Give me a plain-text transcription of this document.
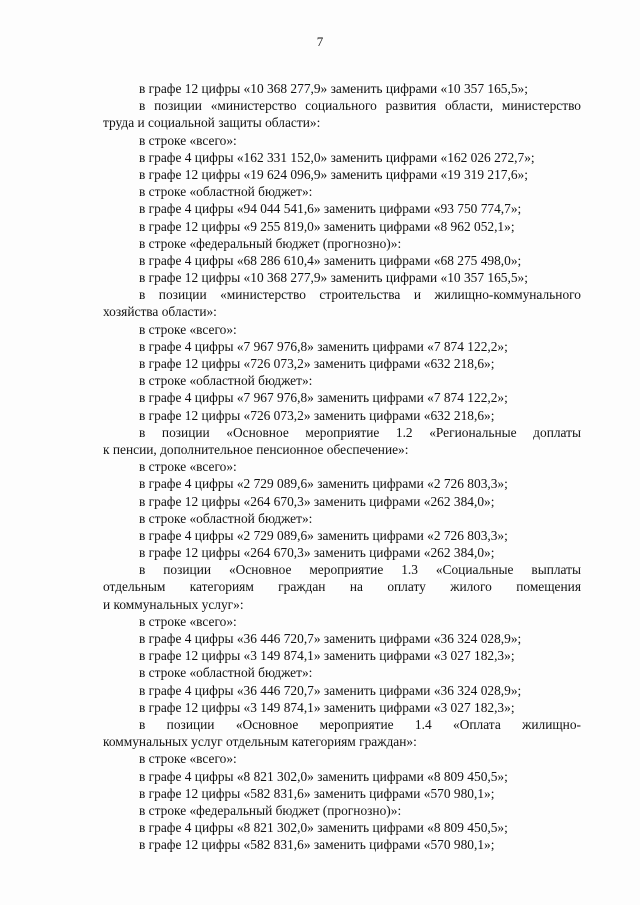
7
в графе 12 цифры «10 368 277,9» заменить цифрами «10 357 165,5»;
в позиции «министерство социального развития области, министерство
труда и социальной защиты области»:
в строке «всего»:
в графе 4 цифры «162 331 152,0» заменить цифрами «162 026 272,7»;
в графе 12 цифры «19 624 096,9» заменить цифрами «19 319 217,6»;
в строке «областной бюджет»:
в графе 4 цифры «94 044 541,6» заменить цифрами «93 750 774,7»;
в графе 12 цифры «9 255 819,0» заменить цифрами «8 962 052,1»;
в строке «федеральный бюджет (прогнозно)»:
в графе 4 цифры «68 286 610,4» заменить цифрами «68 275 498,0»;
в графе 12 цифры «10 368 277,9» заменить цифрами «10 357 165,5»;
в позиции «министерство строительства и жилищно-коммунального
хозяйства области»:
в строке «всего»:
в графе 4 цифры «7 967 976,8» заменить цифрами «7 874 122,2»;
в графе 12 цифры «726 073,2» заменить цифрами «632 218,6»;
в строке «областной бюджет»:
в графе 4 цифры «7 967 976,8» заменить цифрами «7 874 122,2»;
в графе 12 цифры «726 073,2» заменить цифрами «632 218,6»;
в позиции «Основное мероприятие 1.2 «Региональные доплаты
к пенсии, дополнительное пенсионное обеспечение»:
в строке «всего»:
в графе 4 цифры «2 729 089,6» заменить цифрами «2 726 803,3»;
в графе 12 цифры «264 670,3» заменить цифрами «262 384,0»;
в строке «областной бюджет»:
в графе 4 цифры «2 729 089,6» заменить цифрами «2 726 803,3»;
в графе 12 цифры «264 670,3» заменить цифрами «262 384,0»;
в позиции «Основное мероприятие 1.3 «Социальные выплаты
отдельным категориям граждан на оплату жилого помещения
и коммунальных услуг»:
в строке «всего»:
в графе 4 цифры «36 446 720,7» заменить цифрами «36 324 028,9»;
в графе 12 цифры «3 149 874,1» заменить цифрами «3 027 182,3»;
в строке «областной бюджет»:
в графе 4 цифры «36 446 720,7» заменить цифрами «36 324 028,9»;
в графе 12 цифры «3 149 874,1» заменить цифрами «3 027 182,3»;
в позиции «Основное мероприятие 1.4 «Оплата жилищно-
коммунальных услуг отдельным категориям граждан»:
в строке «всего»:
в графе 4 цифры «8 821 302,0» заменить цифрами «8 809 450,5»;
в графе 12 цифры «582 831,6» заменить цифрами «570 980,1»;
в строке «федеральный бюджет (прогнозно)»:
в графе 4 цифры «8 821 302,0» заменить цифрами «8 809 450,5»;
в графе 12 цифры «582 831,6» заменить цифрами «570 980,1»;
